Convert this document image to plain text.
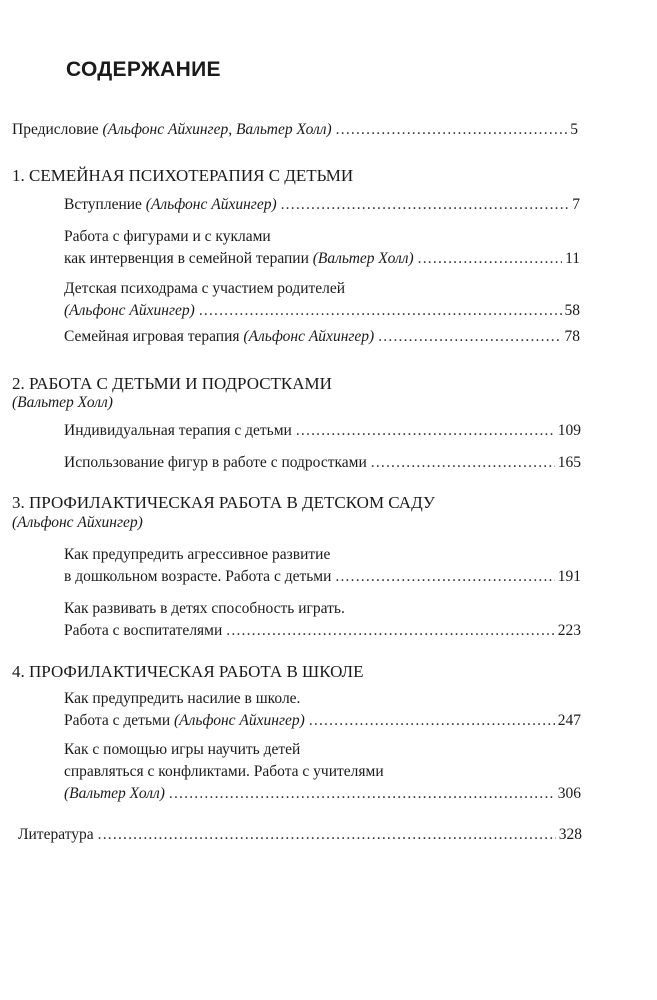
СОДЕРЖАНИЕ
Предисловие
(Альфонс Айхингер, Вальтер Холл) .....	5
1. СЕМЕЙНАЯ ПСИХОТЕРАПИЯ С ДЕТЬМИ
Вступление
(Альфонс Айхингер) .....	7
Работа с фигурами и с куклами
как интервенция в семейной терапии
(Вальтер Холл) .....	11
Детская психодрама с участием родителей
(Альфонс Айхингер) .....	58
Семейная игровая терапия
(Альфонс Айхингер) .....	78
2. РАБОТА С ДЕТЬМИ И ПОДРОСТКАМИ
(Вальтер Холл)
Индивидуальная терапия с детьми .....	109
Использование фигур в работе с подростками .....	165
3. ПРОФИЛАКТИЧЕСКАЯ РАБОТА В ДЕТСКОМ САДУ
(Альфонс Айхингер)
Как предупредить агрессивное развитие
в дошкольном возрасте. Работа с детьми .....	191
Как развивать в детях способность играть.
Работа с воспитателями .....	223
4. ПРОФИЛАКТИЧЕСКАЯ РАБОТА В ШКОЛЕ
Как предупредить насилие в школе.
Работа с детьми
(Альфонс Айхингер) .....	247
Как с помощью игры научить детей
справляться с конфликтами. Работа с учителями
(Вальтер Холл) .....	306
Литература .....	328
